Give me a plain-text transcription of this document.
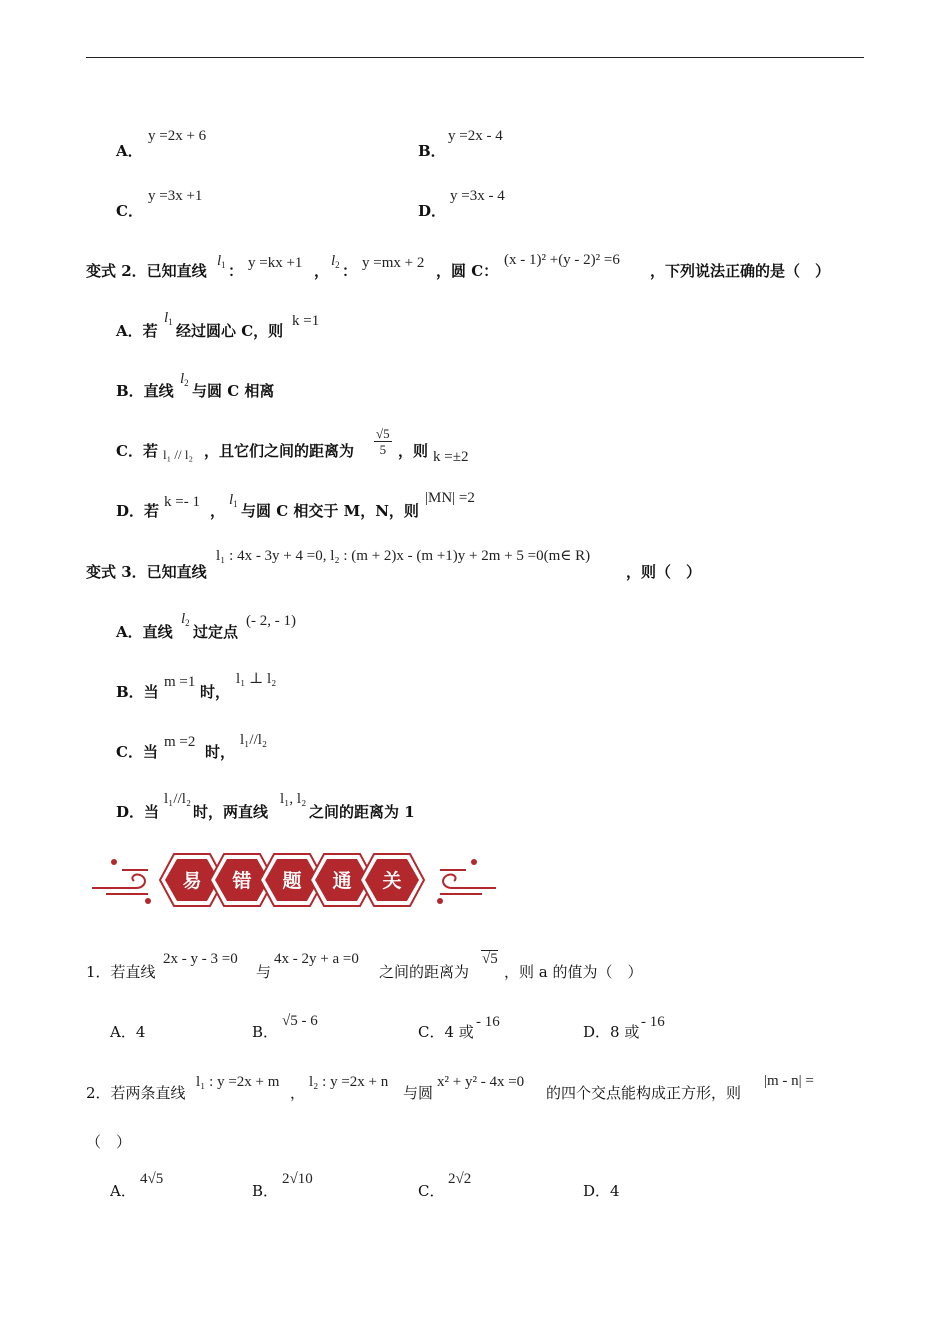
A．
y =2x + 6
B．
y =2x - 4
C．
y =3x +1
D．
y =3x - 4
变式 2．已知直线
$l_1$ ： y =kx +1 ，
$l_2$ ： y =mx + 2 ，圆 C：
(x - 1)² +(y - 2)² =6
，下列说法正确的是（　）
A．若
$l_1$ 经过圆心 C，则
k =1
B．直线
$l_2$ 与圆 C 相离
C．若 l₁ // l₂ ，且它们之间的距离为 $\frac{√5}{5}$ ，则 k =±2
D．若 k =- 1 ，
$l_1$ 与圆 C 相交于 M，N，则
|MN| =2
变式 3．已知直线
l₁ : 4x - 3y + 4 =0, l₂ : (m + 2)x - (m +1)y + 2m + 5 =0(m∈ R)
，则（　）
A．直线
$l_2$ 过定点
(- 2, - 1)
B．当
m =1
时，
l₁ ⊥ l₂
C．当
m =2
时，
l₁//l₂
D．当
l₁//l₂
时，两直线
l₁, l₂
之间的距离为 1
易 错 题 通 关
1．若直线
2x - y - 3 =0
与
4x - 2y + a =0
之间的距离为
√5
，则 a 的值为（　）
A．4	B．
√5 - 6
C．4 或
- 16
D．8 或
- 16
2．若两条直线
l₁ : y =2x + m
，
l₂ : y =2x + n
与圆
x² + y² - 4x =0
的四个交点能构成正方形，则
|m - n| =
（　）
A．
4√5
B．
2√10
C．
2√2
D．4
